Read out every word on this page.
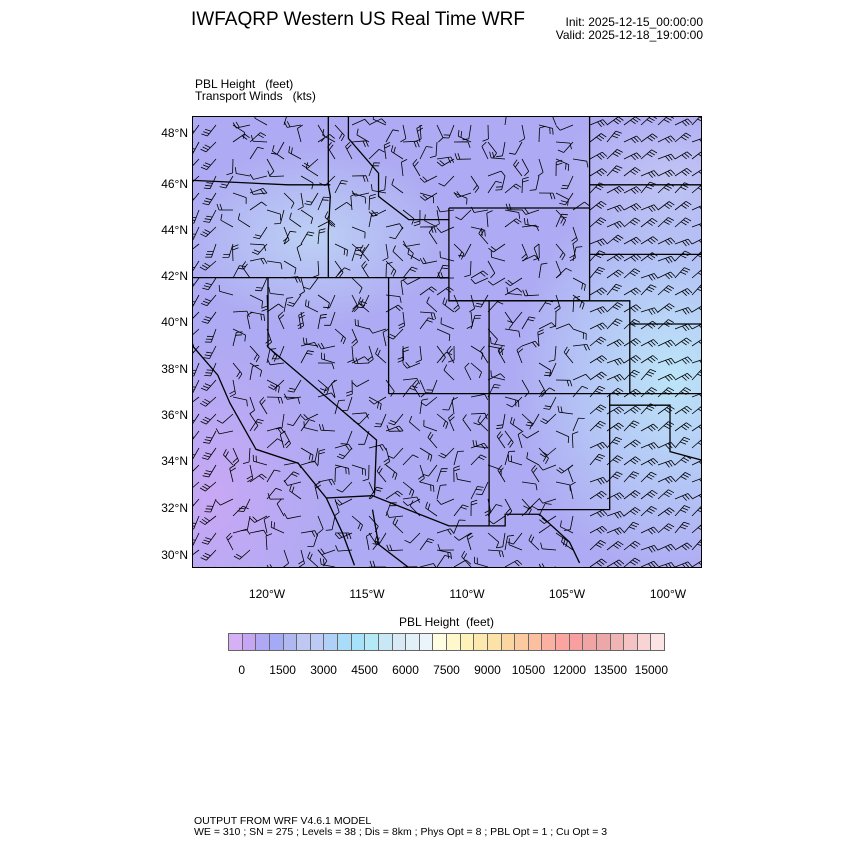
IWFAQRP Western US Real Time WRF	Init: 2025-12-15_00:00:00
Valid: 2025-12-18_19:00:00
PBL Height   (feet)
Transport Winds   (kts)
48°N
46°N
44°N
42°N
40°N
38°N
36°N
34°N
32°N
30°N
120°W	115°W	110°W	105°W	100°W
PBL Height  (feet)
0 1500 3000 4500 6000 7500 9000 10500 12000 13500 15000
OUTPUT FROM WRF V4.6.1 MODEL
WE = 310 ; SN = 275 ; Levels = 38 ; Dis = 8km ; Phys Opt = 8 ; PBL Opt = 1 ; Cu Opt = 3
